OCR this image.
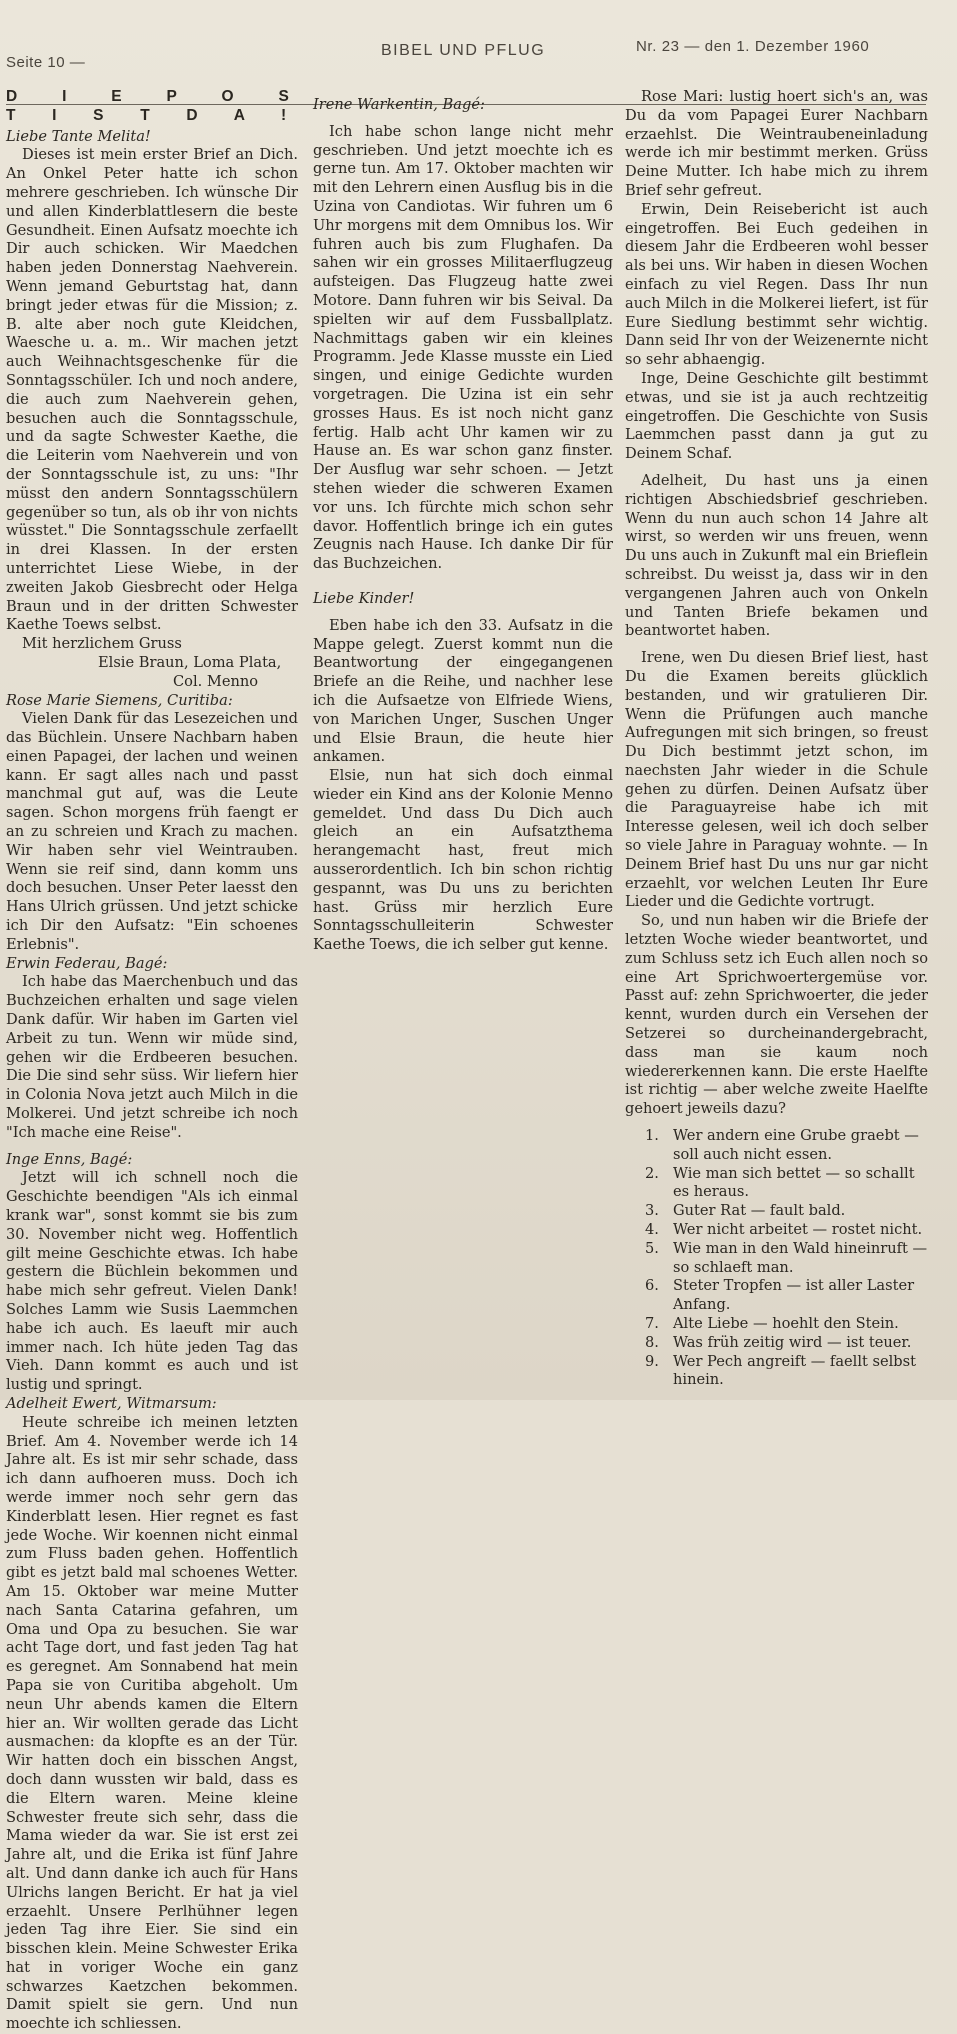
Seite 10 —
BIBEL UND PFLUG	Nr. 23 — den 1. Dezember 1960
D I E P O S T I S T D A !

Liebe Tante Melita!

Dieses ist mein erster Brief an Dich. An Onkel Peter hatte ich schon mehrere geschrieben. Ich wünsche Dir und allen Kinderblattlesern die beste Gesundheit. Einen Aufsatz moechte ich Dir auch schicken. Wir Maedchen haben jeden Donnerstag Naehverein. Wenn jemand Geburtstag hat, dann bringt jeder etwas für die Mission; z. B. alte aber noch gute Kleidchen, Waesche u. a. m.. Wir machen jetzt auch Weihnachtsgeschenke für die Sonntagsschüler. Ich und noch andere, die auch zum Naehverein gehen, besuchen auch die Sonntagsschule, und da sagte Schwester Kaethe, die die Leiterin vom Naehverein und von der Sonntagsschule ist, zu uns: "Ihr müsst den andern Sonntagsschülern gegenüber so tun, als ob ihr von nichts wüsstet." Die Sonntagsschule zerfaellt in drei Klassen. In der ersten unterrichtet Liese Wiebe, in der zweiten Jakob Giesbrecht oder Helga Braun und in der dritten Schwester Kaethe Toews selbst.

Mit herzlichem Gruss

Elsie Braun, Loma Plata,

Col. Menno

Rose Marie Siemens, Curitiba:

Vielen Dank für das Lesezeichen und das Büchlein. Unsere Nachbarn haben einen Papagei, der lachen und weinen kann. Er sagt alles nach und passt manchmal gut auf, was die Leute sagen. Schon morgens früh faengt er an zu schreien und Krach zu machen. Wir haben sehr viel Weintrauben. Wenn sie reif sind, dann komm uns doch besuchen. Unser Peter laesst den Hans Ulrich grüssen. Und jetzt schicke ich Dir den Aufsatz: "Ein schoenes Erlebnis".

Erwin Federau, Bagé:

Ich habe das Maerchenbuch und das Buchzeichen erhalten und sage vielen Dank dafür. Wir haben im Garten viel Arbeit zu tun. Wenn wir müde sind, gehen wir die Erdbeeren besuchen. Die Die sind sehr süss. Wir liefern hier in Colonia Nova jetzt auch Milch in die Molkerei. Und jetzt schreibe ich noch "Ich mache eine Reise".

Inge Enns, Bagé:

Jetzt will ich schnell noch die Geschichte beendigen "Als ich einmal krank war", sonst kommt sie bis zum 30. November nicht weg. Hoffentlich gilt meine Geschichte etwas. Ich habe gestern die Büchlein bekommen und habe mich sehr gefreut. Vielen Dank! Solches Lamm wie Susis Laemmchen habe ich auch. Es laeuft mir auch immer nach. Ich hüte jeden Tag das Vieh. Dann kommt es auch und ist lustig und springt.

Adelheit Ewert, Witmarsum:

Heute schreibe ich meinen letzten Brief. Am 4. November werde ich 14 Jahre alt. Es ist mir sehr schade, dass ich dann aufhoeren muss. Doch ich werde immer noch sehr gern das Kinderblatt lesen. Hier regnet es fast jede Woche. Wir koennen nicht einmal zum Fluss baden gehen. Hoffentlich gibt es jetzt bald mal schoenes Wetter. Am 15. Oktober war meine Mutter nach Santa Catarina gefahren, um Oma und Opa zu besuchen. Sie war acht Tage dort, und fast jeden Tag hat es geregnet. Am Sonnabend hat mein Papa sie von Curitiba abgeholt. Um neun Uhr abends kamen die Eltern hier an. Wir wollten gerade das Licht ausmachen: da klopfte es an der Tür. Wir hatten doch ein bisschen Angst, doch dann wussten wir bald, dass es die Eltern waren. Meine kleine Schwester freute sich sehr, dass die Mama wieder da war. Sie ist erst zei Jahre alt, und die Erika ist fünf Jahre alt. Und dann danke ich auch für Hans Ulrichs langen Bericht. Er hat ja viel erzaehlt. Unsere Perlhühner legen jeden Tag ihre Eier. Sie sind ein bisschen klein. Meine Schwester Erika hat in voriger Woche ein ganz schwarzes Kaetzchen bekommen. Damit spielt sie gern. Und nun moechte ich schliessen.

Irene Warkentin, Bagé:

Ich habe schon lange nicht mehr geschrieben. Und jetzt moechte ich es gerne tun. Am 17. Oktober machten wir mit den Lehrern einen Ausflug bis in die Uzina von Candiotas. Wir fuhren um 6 Uhr morgens mit dem Omnibus los. Wir fuhren auch bis zum Flughafen. Da sahen wir ein grosses Militaerflugzeug aufsteigen. Das Flugzeug hatte zwei Motore. Dann fuhren wir bis Seival. Da spielten wir auf dem Fussballplatz. Nachmittags gaben wir ein kleines Programm. Jede Klasse musste ein Lied singen, und einige Gedichte wurden vorgetragen. Die Uzina ist ein sehr grosses Haus. Es ist noch nicht ganz fertig. Halb acht Uhr kamen wir zu Hause an. Es war schon ganz finster. Der Ausflug war sehr schoen. — Jetzt stehen wieder die schweren Examen vor uns. Ich fürchte mich schon sehr davor. Hoffentlich bringe ich ein gutes Zeugnis nach Hause. Ich danke Dir für das Buchzeichen.

Liebe Kinder!

Eben habe ich den 33. Aufsatz in die Mappe gelegt. Zuerst kommt nun die Beantwortung der eingegangenen Briefe an die Reihe, und nachher lese ich die Aufsaetze von Elfriede Wiens, von Marichen Unger, Suschen Unger und Elsie Braun, die heute hier ankamen.

Elsie, nun hat sich doch einmal wieder ein Kind ans der Kolonie Menno gemeldet. Und dass Du Dich auch gleich an ein Aufsatzthema herangemacht hast, freut mich ausserordentlich. Ich bin schon richtig gespannt, was Du uns zu berichten hast. Grüss mir herzlich Eure Sonntagsschulleiterin Schwester Kaethe Toews, die ich selber gut kenne.

Rose Mari: lustig hoert sich's an, was Du da vom Papagei Eurer Nachbarn erzaehlst. Die Weintraubeneinladung werde ich mir bestimmt merken. Grüss Deine Mutter. Ich habe mich zu ihrem Brief sehr gefreut.

Erwin, Dein Reisebericht ist auch eingetroffen. Bei Euch gedeihen in diesem Jahr die Erdbeeren wohl besser als bei uns. Wir haben in diesen Wochen einfach zu viel Regen. Dass Ihr nun auch Milch in die Molkerei liefert, ist für Eure Siedlung bestimmt sehr wichtig. Dann seid Ihr von der Weizenernte nicht so sehr abhaengig.

Inge, Deine Geschichte gilt bestimmt etwas, und sie ist ja auch rechtzeitig eingetroffen. Die Geschichte von Susis Laemmchen passt dann ja gut zu Deinem Schaf.

Adelheit, Du hast uns ja einen richtigen Abschiedsbrief geschrieben. Wenn du nun auch schon 14 Jahre alt wirst, so werden wir uns freuen, wenn Du uns auch in Zukunft mal ein Brieflein schreibst. Du weisst ja, dass wir in den vergangenen Jahren auch von Onkeln und Tanten Briefe bekamen und beantwortet haben.

Irene, wen Du diesen Brief liest, hast Du die Examen bereits glücklich bestanden, und wir gratulieren Dir. Wenn die Prüfungen auch manche Aufregungen mit sich bringen, so freust Du Dich bestimmt jetzt schon, im naechsten Jahr wieder in die Schule gehen zu dürfen. Deinen Aufsatz über die Paraguayreise habe ich mit Interesse gelesen, weil ich doch selber so viele Jahre in Paraguay wohnte. — In Deinem Brief hast Du uns nur gar nicht erzaehlt, vor welchen Leuten Ihr Eure Lieder und die Gedichte vortrugt.

So, und nun haben wir die Briefe der letzten Woche wieder beantwortet, und zum Schluss setz ich Euch allen noch so eine Art Sprichwoertergemüse vor. Passt auf: zehn Sprichwoerter, die jeder kennt, wurden durch ein Versehen der Setzerei so durcheinandergebracht, dass man sie kaum noch wiedererkennen kann. Die erste Haelfte ist richtig — aber welche zweite Haelfte gehoert jeweils dazu?

1. Wer andern eine Grube graebt — soll auch nicht essen.
2. Wie man sich bettet — so schallt es heraus.
3. Guter Rat — fault bald.
4. Wer nicht arbeitet — rostet nicht.
5. Wie man in den Wald hineinruft — so schlaeft man.
6. Steter Tropfen — ist aller Laster Anfang.
7. Alte Liebe — hoehlt den Stein.
8. Was früh zeitig wird — ist teuer.
9. Wer Pech angreift — faellt selbst hinein.
